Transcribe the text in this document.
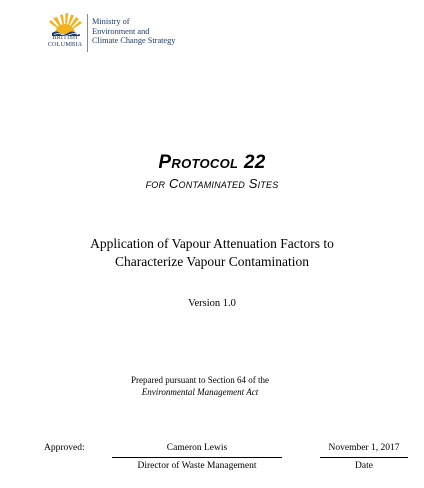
BRITISH
COLUMBIA
Ministry of
Environment and
Climate Change Strategy
Protocol 22
for Contaminated Sites
Application of Vapour Attenuation Factors to
Characterize Vapour Contamination
Version 1.0
Prepared pursuant to Section 64 of the
Environmental Management Act
Approved:	Cameron Lewis
Director of Waste Management
November 1, 2017
Date
